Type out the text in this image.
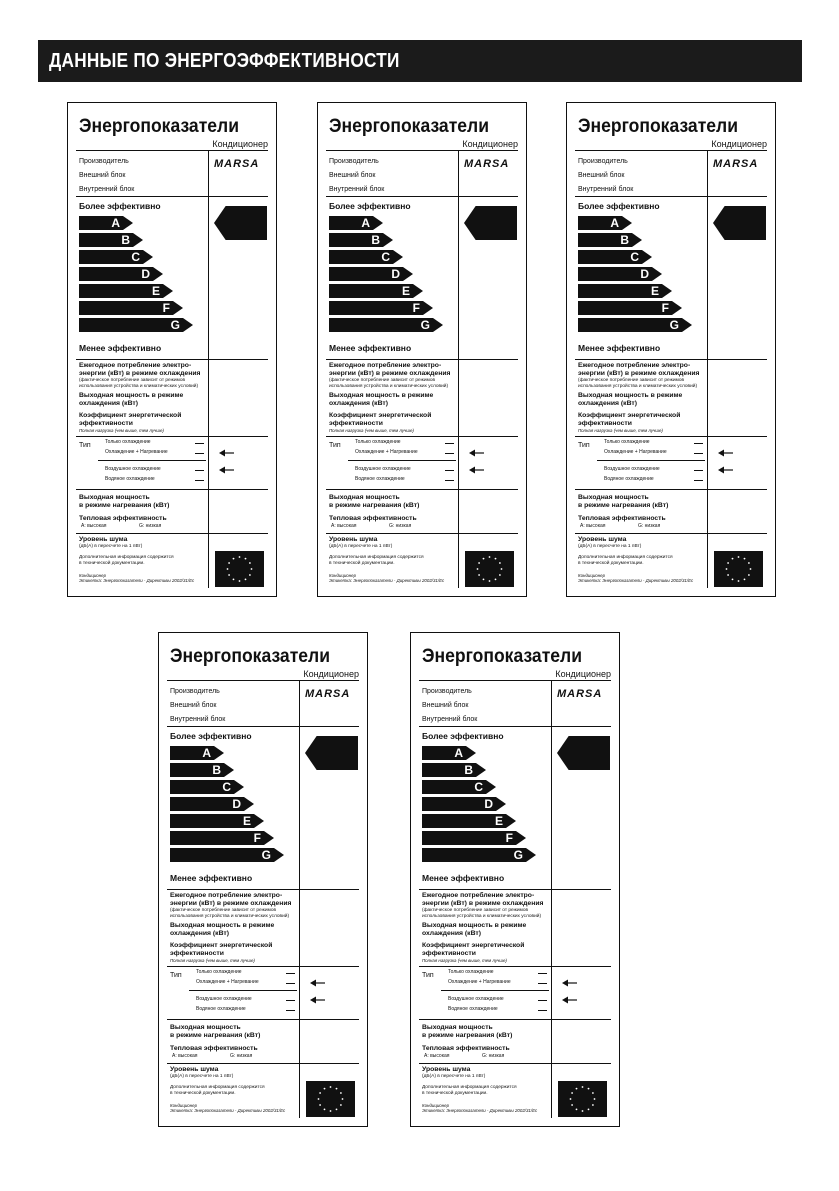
ДАННЫЕ ПО ЭНЕРГОЭФФЕКТИВНОСТИ
Энергопоказатели
Кондиционер
Производитель
Внешний блок
Внутренний блок
MARSA
Более эффективно
A
B
C
D
E
F
G
Менее эффективно
Ежегодное потребление электро-
энергии (кВт) в режиме охлаждения
(фактическое потребление зависит от режимов
использования устройства и климатических условий)
Выходная мощность в режиме
охлаждения (кВт)
Коэффициент энергетической
эффективности
Полная нагрузка (чем выше, тем лучше)
Тип	Только охлаждение
Охлаждение + Нагревание
Воздушное охлаждение
Водяное охлаждение
Выходная мощность
в режиме нагревания (кВт)
Тепловая эффективность
A: высокая	G: низкая
Уровень шума
(дБ(A) в пересчете на 1 пВт)
Дополнительная информация содержится
в технической документации.
Кондиционер
Этикетка: Энергопоказатели - Директивы 2002/31/Ес
Энергопоказатели
Кондиционер
Производитель
Внешний блок
Внутренний блок
MARSA
Более эффективно
A
B
C
D
E
F
G
Менее эффективно
Ежегодное потребление электро-
энергии (кВт) в режиме охлаждения
(фактическое потребление зависит от режимов
использования устройства и климатических условий)
Выходная мощность в режиме
охлаждения (кВт)
Коэффициент энергетической
эффективности
Полная нагрузка (чем выше, тем лучше)
Тип	Только охлаждение
Охлаждение + Нагревание
Воздушное охлаждение
Водяное охлаждение
Выходная мощность
в режиме нагревания (кВт)
Тепловая эффективность
A: высокая	G: низкая
Уровень шума
(дБ(A) в пересчете на 1 пВт)
Дополнительная информация содержится
в технической документации.
Кондиционер
Этикетка: Энергопоказатели - Директивы 2002/31/Ес
Энергопоказатели
Кондиционер
Производитель
Внешний блок
Внутренний блок
MARSA
Более эффективно
A
B
C
D
E
F
G
Менее эффективно
Ежегодное потребление электро-
энергии (кВт) в режиме охлаждения
(фактическое потребление зависит от режимов
использования устройства и климатических условий)
Выходная мощность в режиме
охлаждения (кВт)
Коэффициент энергетической
эффективности
Полная нагрузка (чем выше, тем лучше)
Тип	Только охлаждение
Охлаждение + Нагревание
Воздушное охлаждение
Водяное охлаждение
Выходная мощность
в режиме нагревания (кВт)
Тепловая эффективность
A: высокая	G: низкая
Уровень шума
(дБ(A) в пересчете на 1 пВт)
Дополнительная информация содержится
в технической документации.
Кондиционер
Этикетка: Энергопоказатели - Директивы 2002/31/Ес
Энергопоказатели
Кондиционер
Производитель
Внешний блок
Внутренний блок
MARSA
Более эффективно
A
B
C
D
E
F
G
Менее эффективно
Ежегодное потребление электро-
энергии (кВт) в режиме охлаждения
(фактическое потребление зависит от режимов
использования устройства и климатических условий)
Выходная мощность в режиме
охлаждения (кВт)
Коэффициент энергетической
эффективности
Полная нагрузка (чем выше, тем лучше)
Тип	Только охлаждение
Охлаждение + Нагревание
Воздушное охлаждение
Водяное охлаждение
Выходная мощность
в режиме нагревания (кВт)
Тепловая эффективность
A: высокая	G: низкая
Уровень шума
(дБ(A) в пересчете на 1 пВт)
Дополнительная информация содержится
в технической документации.
Кондиционер
Этикетка: Энергопоказатели - Директивы 2002/31/Ес
Энергопоказатели
Кондиционер
Производитель
Внешний блок
Внутренний блок
MARSA
Более эффективно
A
B
C
D
E
F
G
Менее эффективно
Ежегодное потребление электро-
энергии (кВт) в режиме охлаждения
(фактическое потребление зависит от режимов
использования устройства и климатических условий)
Выходная мощность в режиме
охлаждения (кВт)
Коэффициент энергетической
эффективности
Полная нагрузка (чем выше, тем лучше)
Тип	Только охлаждение
Охлаждение + Нагревание
Воздушное охлаждение
Водяное охлаждение
Выходная мощность
в режиме нагревания (кВт)
Тепловая эффективность
A: высокая	G: низкая
Уровень шума
(дБ(A) в пересчете на 1 пВт)
Дополнительная информация содержится
в технической документации.
Кондиционер
Этикетка: Энергопоказатели - Директивы 2002/31/Ес
